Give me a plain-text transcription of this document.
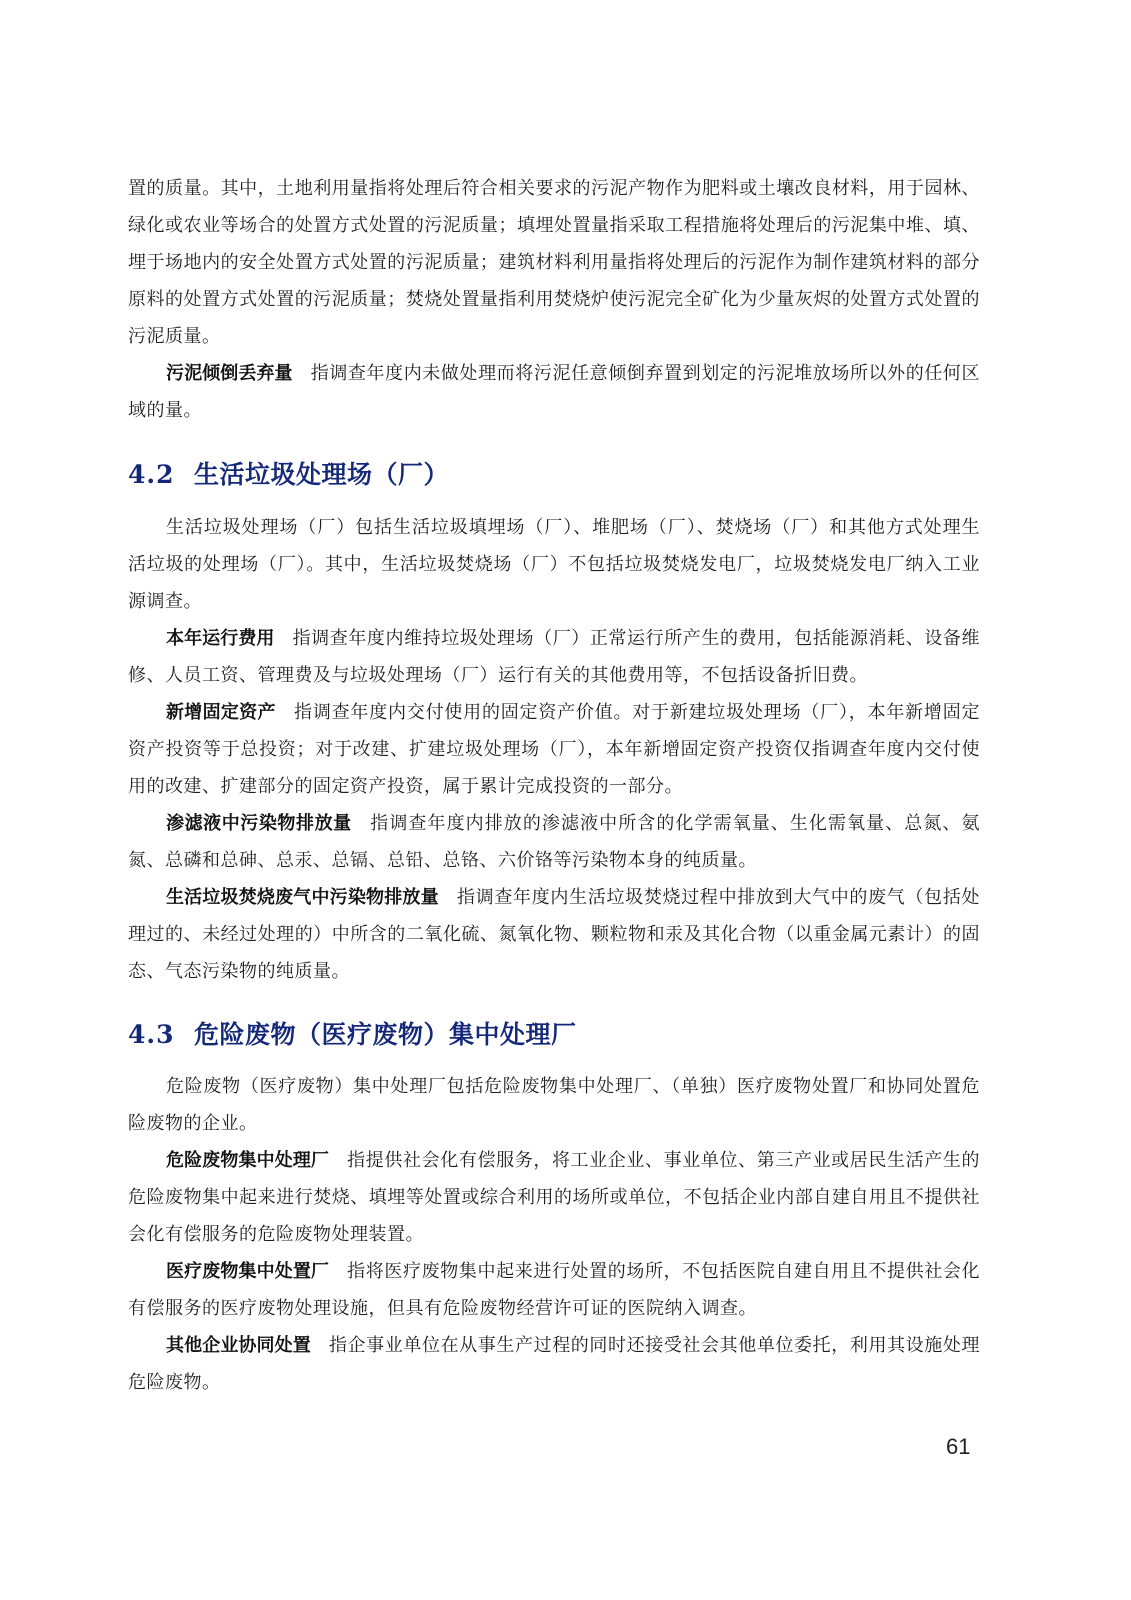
置的质量。其中，土地利用量指将处理后符合相关要求的污泥产物作为肥料或土壤改良材料，用于园林、绿化或农业等场合的处置方式处置的污泥质量；填埋处置量指采取工程措施将处理后的污泥集中堆、填、埋于场地内的安全处置方式处置的污泥质量；建筑材料利用量指将处理后的污泥作为制作建筑材料的部分原料的处置方式处置的污泥质量；焚烧处置量指利用焚烧炉使污泥完全矿化为少量灰烬的处置方式处置的污泥质量。

污泥倾倒丢弃量 指调查年度内未做处理而将污泥任意倾倒弃置到划定的污泥堆放场所以外的任何区域的量。

4.2 生活垃圾处理场（厂）

生活垃圾处理场（厂）包括生活垃圾填埋场（厂）、堆肥场（厂）、焚烧场（厂）和其他方式处理生活垃圾的处理场（厂）。其中，生活垃圾焚烧场（厂）不包括垃圾焚烧发电厂，垃圾焚烧发电厂纳入工业源调查。

本年运行费用 指调查年度内维持垃圾处理场（厂）正常运行所产生的费用，包括能源消耗、设备维修、人员工资、管理费及与垃圾处理场（厂）运行有关的其他费用等，不包括设备折旧费。

新增固定资产 指调查年度内交付使用的固定资产价值。对于新建垃圾处理场（厂），本年新增固定资产投资等于总投资；对于改建、扩建垃圾处理场（厂），本年新增固定资产投资仅指调查年度内交付使用的改建、扩建部分的固定资产投资，属于累计完成投资的一部分。

渗滤液中污染物排放量 指调查年度内排放的渗滤液中所含的化学需氧量、生化需氧量、总氮、氨氮、总磷和总砷、总汞、总镉、总铅、总铬、六价铬等污染物本身的纯质量。

生活垃圾焚烧废气中污染物排放量 指调查年度内生活垃圾焚烧过程中排放到大气中的废气（包括处理过的、未经过处理的）中所含的二氧化硫、氮氧化物、颗粒物和汞及其化合物（以重金属元素计）的固态、气态污染物的纯质量。

4.3 危险废物（医疗废物）集中处理厂

危险废物（医疗废物）集中处理厂包括危险废物集中处理厂、（单独）医疗废物处置厂和协同处置危险废物的企业。

危险废物集中处理厂 指提供社会化有偿服务，将工业企业、事业单位、第三产业或居民生活产生的危险废物集中起来进行焚烧、填埋等处置或综合利用的场所或单位，不包括企业内部自建自用且不提供社会化有偿服务的危险废物处理装置。

医疗废物集中处置厂 指将医疗废物集中起来进行处置的场所，不包括医院自建自用且不提供社会化有偿服务的医疗废物处理设施，但具有危险废物经营许可证的医院纳入调查。

其他企业协同处置 指企事业单位在从事生产过程的同时还接受社会其他单位委托，利用其设施处理危险废物。

61
